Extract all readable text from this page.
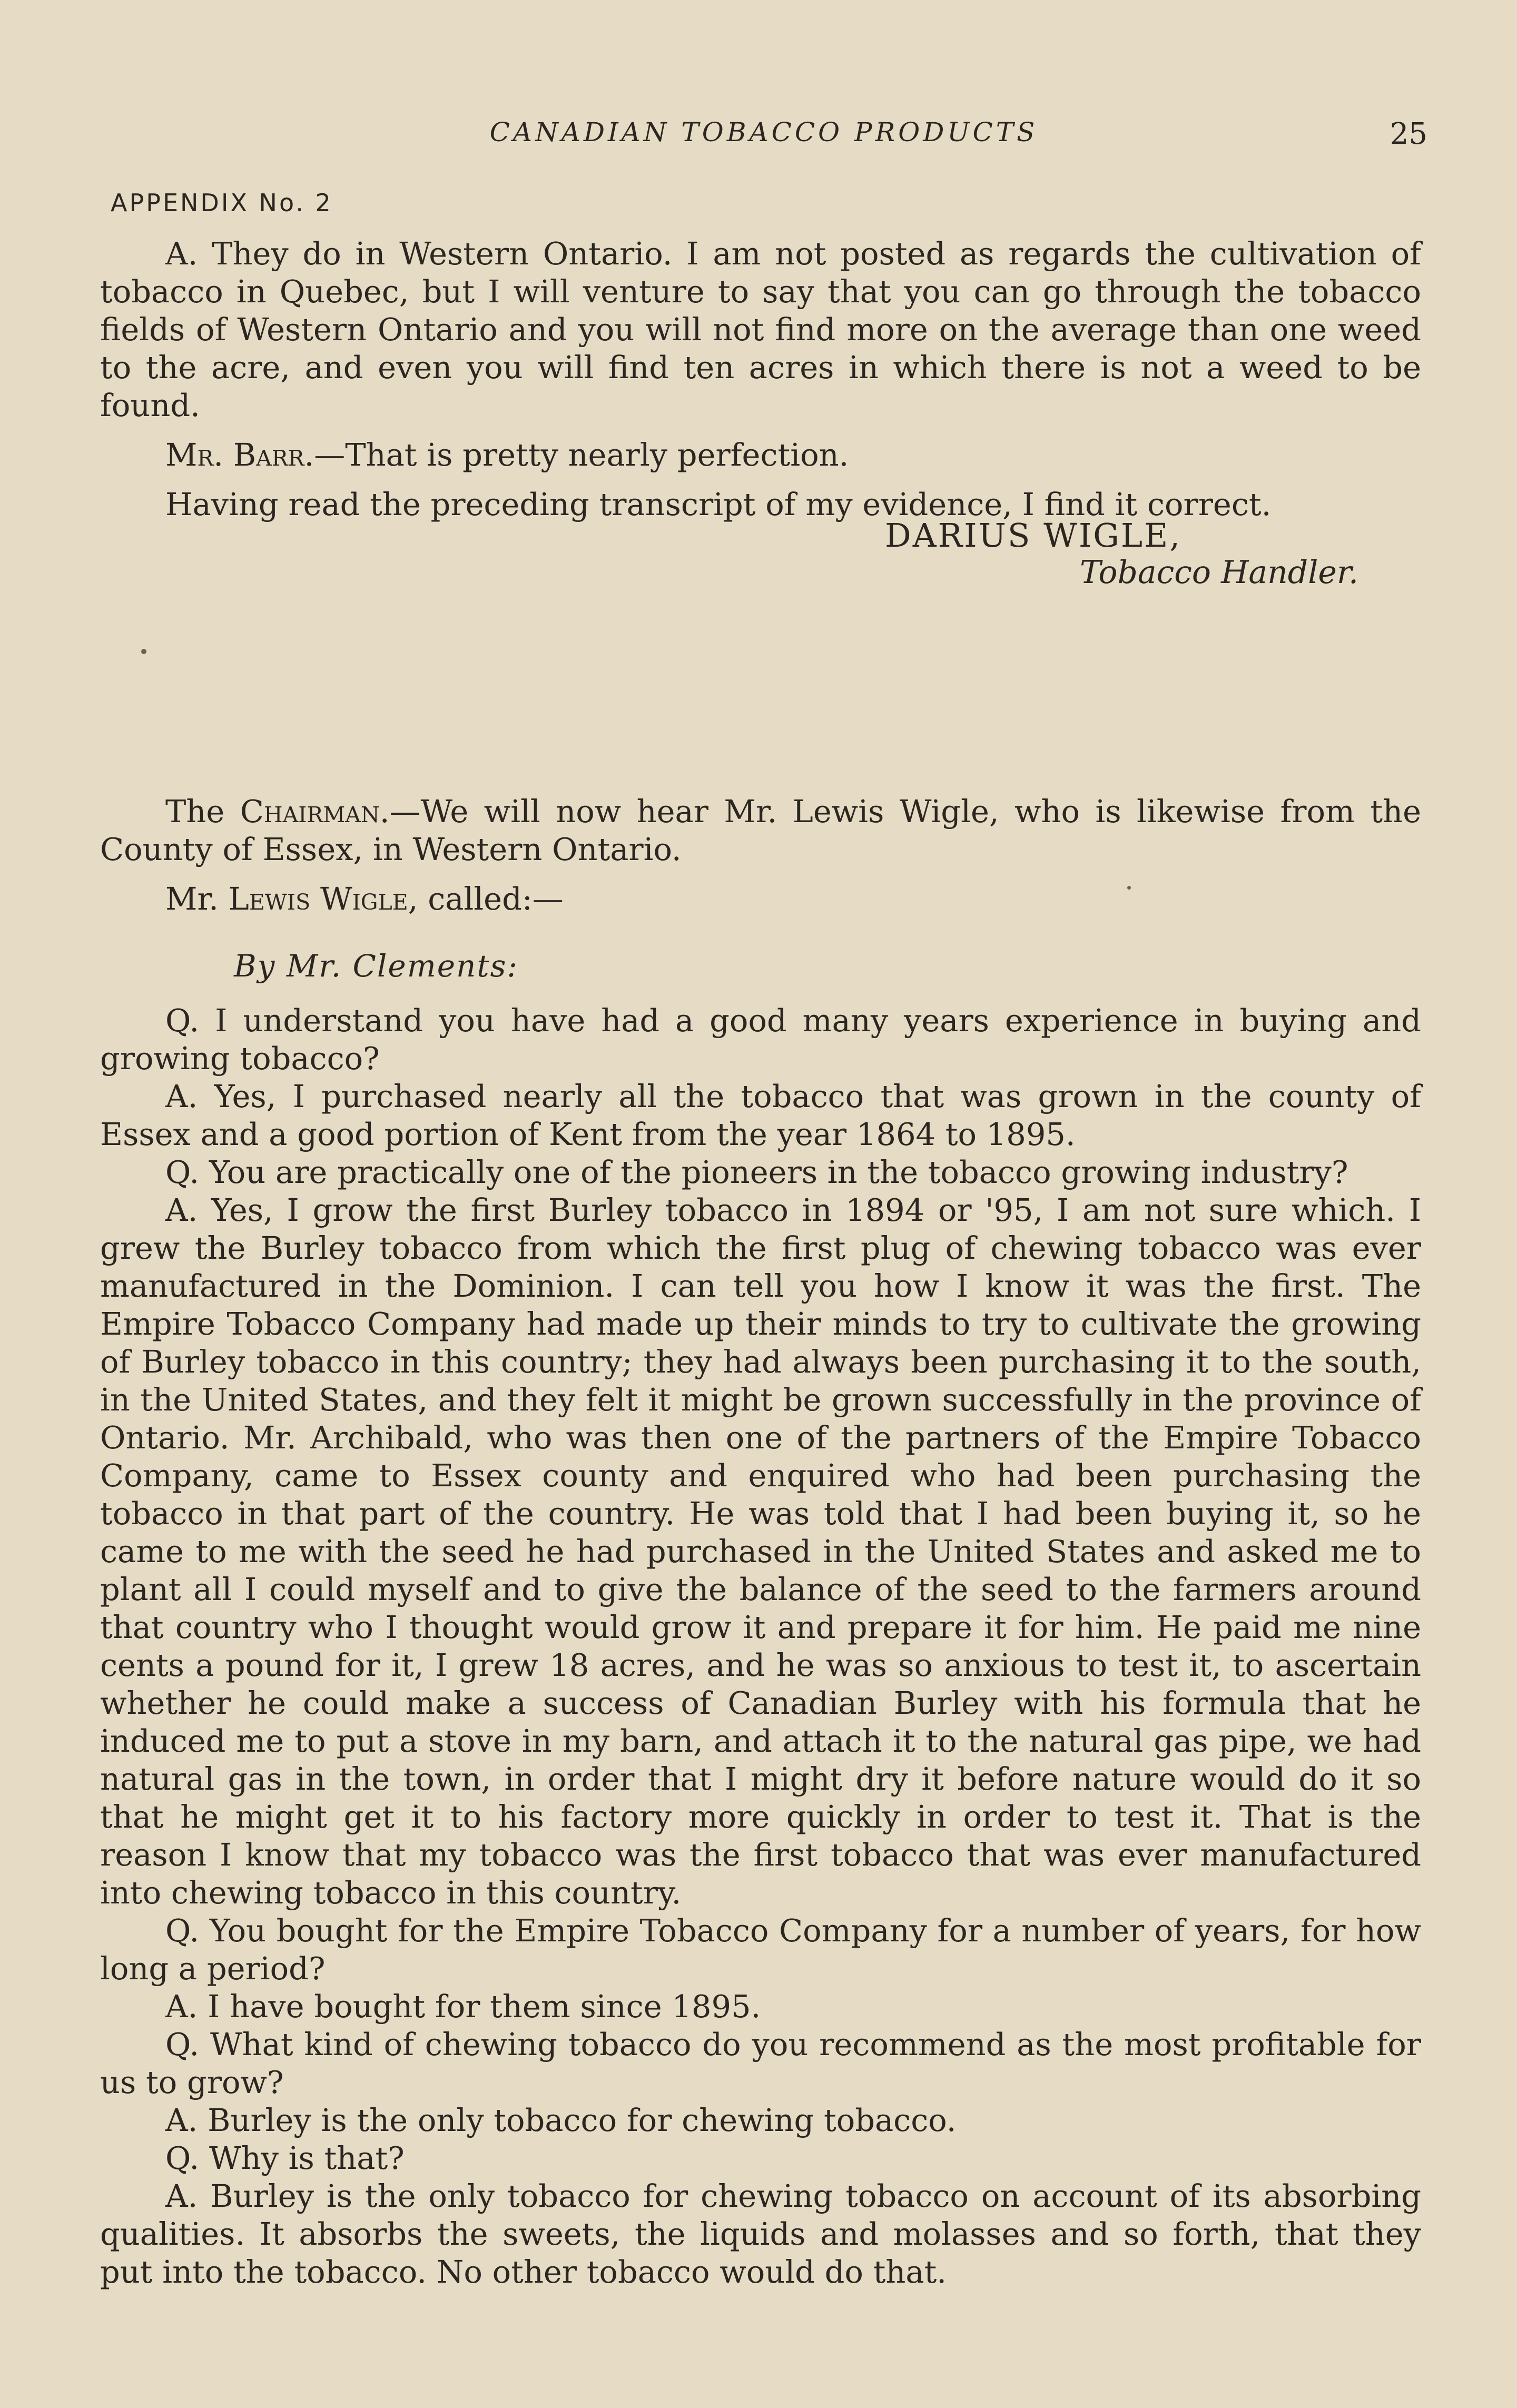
CANADIAN TOBACCO PRODUCTS	25
APPENDIX No. 2

A. They do in Western Ontario. I am not posted as regards the cultivation of tobacco in Quebec, but I will venture to say that you can go through the tobacco fields of Western Ontario and you will not find more on the average than one weed to the acre, and even you will find ten acres in which there is not a weed to be found.

Mr. Barr.—That is pretty nearly perfection.

Having read the preceding transcript of my evidence, I find it correct.

DARIUS WIGLE,
Tobacco Handler.

The Chairman.—We will now hear Mr. Lewis Wigle, who is likewise from the County of Essex, in Western Ontario.

Mr. Lewis Wigle, called:—

By Mr. Clements:

Q. I understand you have had a good many years experience in buying and growing tobacco?

A. Yes, I purchased nearly all the tobacco that was grown in the county of Essex and a good portion of Kent from the year 1864 to 1895.

Q. You are practically one of the pioneers in the tobacco growing industry?

A. Yes, I grow the first Burley tobacco in 1894 or '95, I am not sure which. I grew the Burley tobacco from which the first plug of chewing tobacco was ever manufactured in the Dominion. I can tell you how I know it was the first. The Empire Tobacco Company had made up their minds to try to cultivate the growing of Burley tobacco in this country; they had always been purchasing it to the south, in the United States, and they felt it might be grown successfully in the province of Ontario. Mr. Archibald, who was then one of the partners of the Empire Tobacco Company, came to Essex county and enquired who had been purchasing the tobacco in that part of the country. He was told that I had been buying it, so he came to me with the seed he had purchased in the United States and asked me to plant all I could myself and to give the balance of the seed to the farmers around that country who I thought would grow it and prepare it for him. He paid me nine cents a pound for it, I grew 18 acres, and he was so anxious to test it, to ascertain whether he could make a success of Canadian Burley with his formula that he induced me to put a stove in my barn, and attach it to the natural gas pipe, we had natural gas in the town, in order that I might dry it before nature would do it so that he might get it to his factory more quickly in order to test it. That is the reason I know that my tobacco was the first tobacco that was ever manufactured into chewing tobacco in this country.

Q. You bought for the Empire Tobacco Company for a number of years, for how long a period?

A. I have bought for them since 1895.

Q. What kind of chewing tobacco do you recommend as the most profitable for us to grow?

A. Burley is the only tobacco for chewing tobacco.

Q. Why is that?

A. Burley is the only tobacco for chewing tobacco on account of its absorbing qualities. It absorbs the sweets, the liquids and molasses and so forth, that they put into the tobacco. No other tobacco would do that.
